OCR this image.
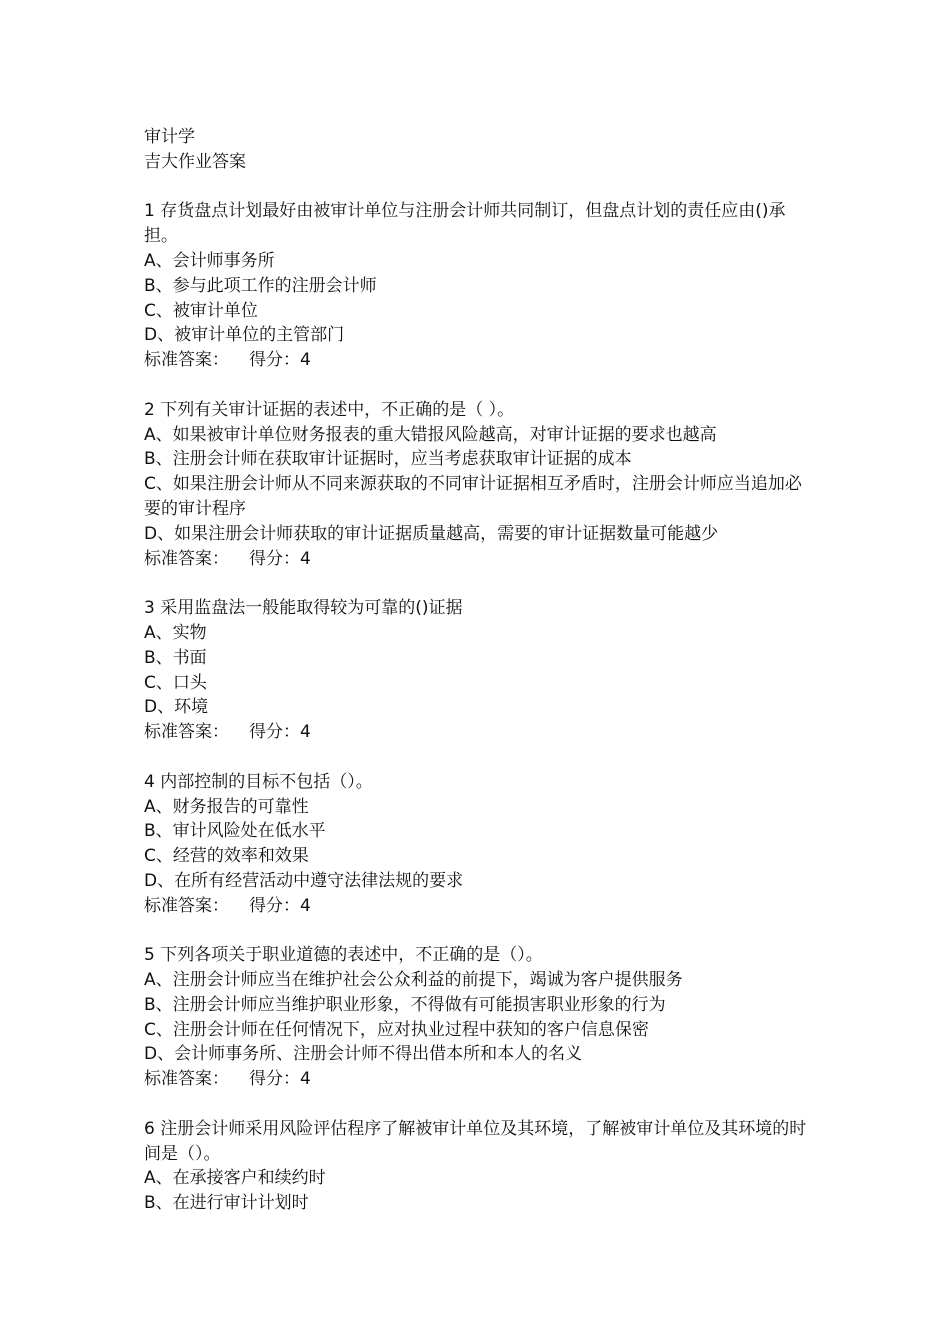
审计学
吉大作业答案
1 存货盘点计划最好由被审计单位与注册会计师共同制订，但盘点计划的责任应由()承担。
A、会计师事务所
B、参与此项工作的注册会计师
C、被审计单位
D、被审计单位的主管部门
标准答案： 得分：4
2 下列有关审计证据的表述中，不正确的是（ ）。
A、如果被审计单位财务报表的重大错报风险越高，对审计证据的要求也越高
B、注册会计师在获取审计证据时，应当考虑获取审计证据的成本
C、如果注册会计师从不同来源获取的不同审计证据相互矛盾时，注册会计师应当追加必要的审计程序
D、如果注册会计师获取的审计证据质量越高，需要的审计证据数量可能越少
标准答案： 得分：4
3 采用监盘法一般能取得较为可靠的()证据
A、实物
B、书面
C、口头
D、环境
标准答案： 得分：4
4 内部控制的目标不包括（）。
A、财务报告的可靠性
B、审计风险处在低水平
C、经营的效率和效果
D、在所有经营活动中遵守法律法规的要求
标准答案： 得分：4
5 下列各项关于职业道德的表述中，不正确的是（）。
A、注册会计师应当在维护社会公众利益的前提下，竭诚为客户提供服务
B、注册会计师应当维护职业形象，不得做有可能损害职业形象的行为
C、注册会计师在任何情况下，应对执业过程中获知的客户信息保密
D、会计师事务所、注册会计师不得出借本所和本人的名义
标准答案： 得分：4
6 注册会计师采用风险评估程序了解被审计单位及其环境，了解被审计单位及其环境的时间是（）。
A、在承接客户和续约时
B、在进行审计计划时
